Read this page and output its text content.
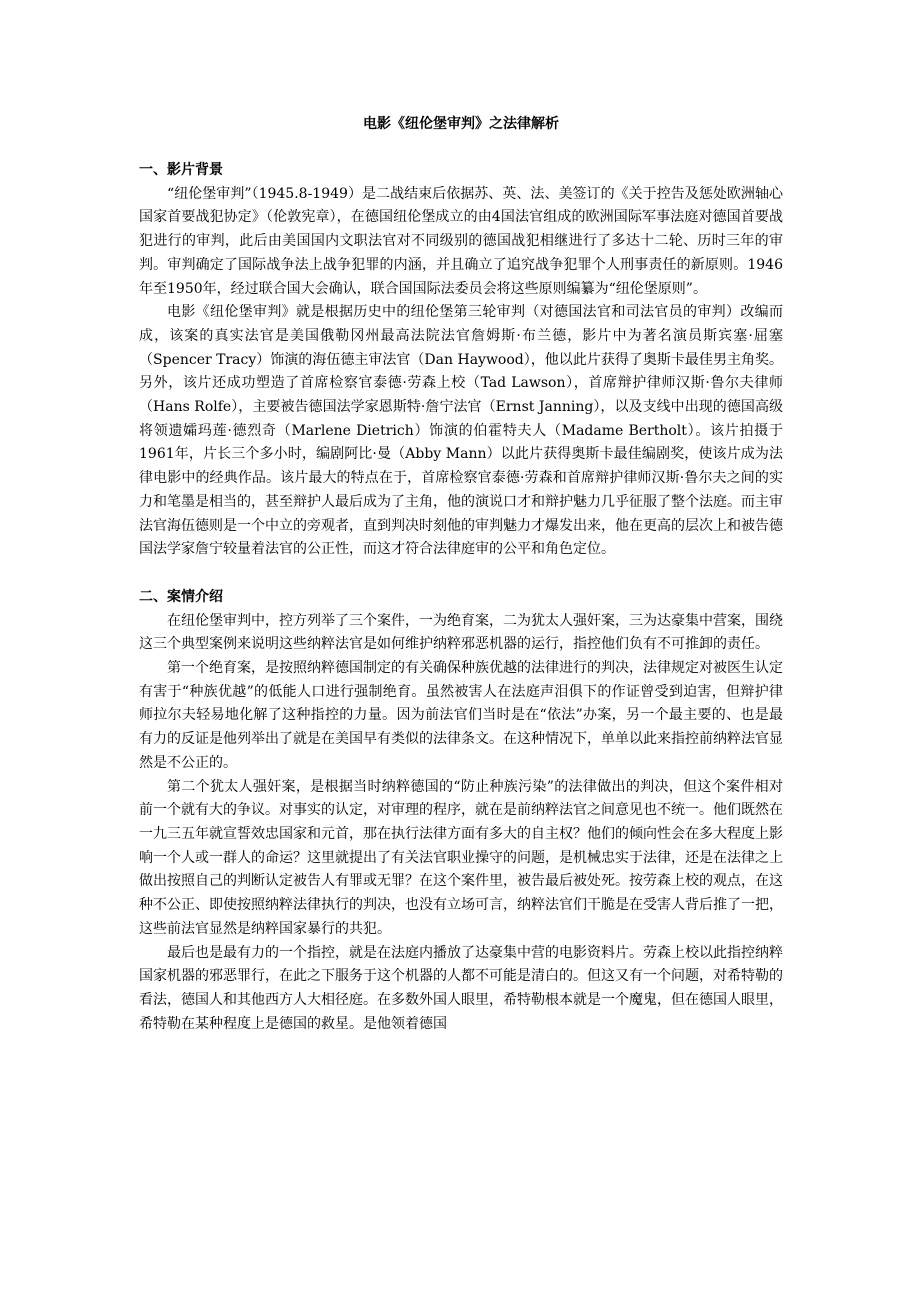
电影《纽伦堡审判》之法律解析
一、影片背景

“纽伦堡审判”（1945.8-1949）是二战结束后依据苏、英、法、美签订的《关于控告及惩处欧洲轴心国家首要战犯协定》（伦敦宪章），在德国纽伦堡成立的由4国法官组成的欧洲国际军事法庭对德国首要战犯进行的审判，此后由美国国内文职法官对不同级别的德国战犯相继进行了多达十二轮、历时三年的审判。审判确定了国际战争法上战争犯罪的内涵，并且确立了追究战争犯罪个人刑事责任的新原则。1946年至1950年，经过联合国大会确认，联合国国际法委员会将这些原则编纂为“纽伦堡原则”。

电影《纽伦堡审判》就是根据历史中的纽伦堡第三轮审判（对德国法官和司法官员的审判）改编而成，该案的真实法官是美国俄勒冈州最高法院法官詹姆斯·布兰德，影片中为著名演员斯宾塞·屈塞（Spencer Tracy）饰演的海伍德主审法官（Dan Haywood），他以此片获得了奥斯卡最佳男主角奖。另外，该片还成功塑造了首席检察官泰德·劳森上校（Tad Lawson），首席辩护律师汉斯·鲁尔夫律师（Hans Rolfe），主要被告德国法学家恩斯特·詹宁法官（Ernst Janning），以及支线中出现的德国高级将领遗孀玛莲·德烈奇（Marlene Dietrich）饰演的伯霍特夫人（Madame Bertholt）。该片拍摄于1961年，片长三个多小时，编剧阿比·曼（Abby Mann）以此片获得奥斯卡最佳编剧奖，使该片成为法律电影中的经典作品。该片最大的特点在于，首席检察官泰德·劳森和首席辩护律师汉斯·鲁尔夫之间的实力和笔墨是相当的，甚至辩护人最后成为了主角，他的演说口才和辩护魅力几乎征服了整个法庭。而主审法官海伍德则是一个中立的旁观者，直到判决时刻他的审判魅力才爆发出来，他在更高的层次上和被告德国法学家詹宁较量着法官的公正性，而这才符合法律庭审的公平和角色定位。

二、案情介绍

在纽伦堡审判中，控方列举了三个案件，一为绝育案，二为犹太人强奸案，三为达豪集中营案，围绕这三个典型案例来说明这些纳粹法官是如何维护纳粹邪恶机器的运行，指控他们负有不可推卸的责任。

第一个绝育案，是按照纳粹德国制定的有关确保种族优越的法律进行的判决，法律规定对被医生认定有害于“种族优越”的低能人口进行强制绝育。虽然被害人在法庭声泪俱下的作证曾受到迫害，但辩护律师拉尔夫轻易地化解了这种指控的力量。因为前法官们当时是在“依法”办案，另一个最主要的、也是最有力的反证是他列举出了就是在美国早有类似的法律条文。在这种情况下，单单以此来指控前纳粹法官显然是不公正的。

第二个犹太人强奸案，是根据当时纳粹德国的“防止种族污染”的法律做出的判决，但这个案件相对前一个就有大的争议。对事实的认定，对审理的程序，就在是前纳粹法官之间意见也不统一。他们既然在一九三五年就宣誓效忠国家和元首，那在执行法律方面有多大的自主权？他们的倾向性会在多大程度上影响一个人或一群人的命运？这里就提出了有关法官职业操守的问题，是机械忠实于法律，还是在法律之上做出按照自己的判断认定被告人有罪或无罪？在这个案件里，被告最后被处死。按劳森上校的观点，在这种不公正、即使按照纳粹法律执行的判决，也没有立场可言，纳粹法官们干脆是在受害人背后推了一把，这些前法官显然是纳粹国家暴行的共犯。

最后也是最有力的一个指控，就是在法庭内播放了达豪集中营的电影资料片。劳森上校以此指控纳粹国家机器的邪恶罪行，在此之下服务于这个机器的人都不可能是清白的。但这又有一个问题，对希特勒的看法，德国人和其他西方人大相径庭。在多数外国人眼里，希特勒根本就是一个魔鬼，但在德国人眼里，希特勒在某种程度上是德国的救星。是他领着德国
